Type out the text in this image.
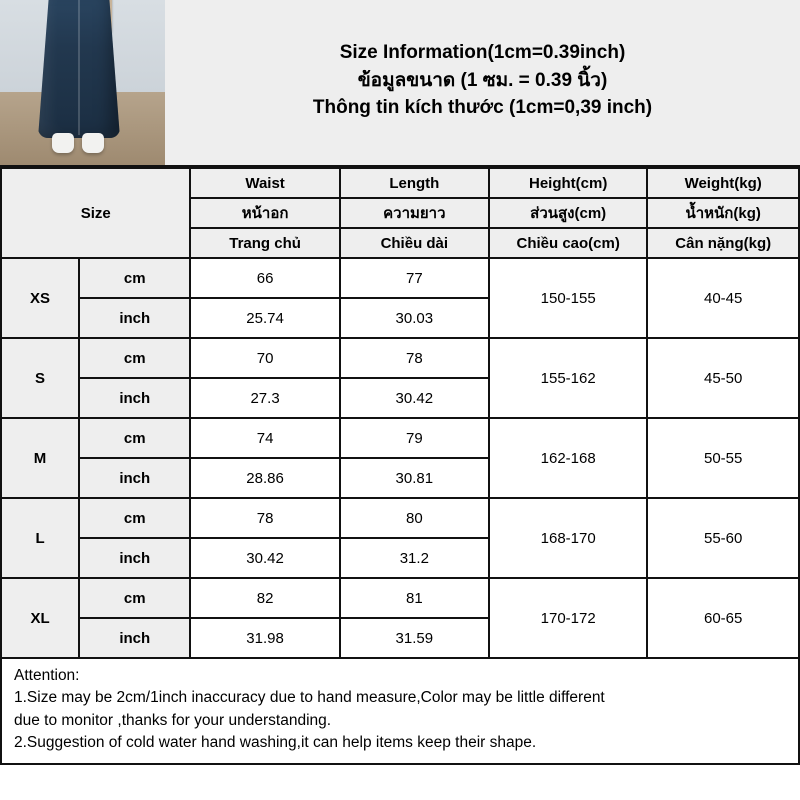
Size Information(1cm=0.39inch)
ข้อมูลขนาด (1 ซม. = 0.39 นิ้ว)
Thông tin kích thước (1cm=0,39 inch)
Size		Waist	Length	Height(cm)	Weight(kg)
		หน้าอก	ความยาว	ส่วนสูง(cm)	น้ำหนัก(kg)
		Trang chủ	Chiều dài	Chiều cao(cm)	Cân nặng(kg)
XS	cm	66	77	150-155	40-45
	inch	25.74	30.03		
S	cm	70	78	155-162	45-50
	inch	27.3	30.42		
M	cm	74	79	162-168	50-55
	inch	28.86	30.81		
L	cm	78	80	168-170	55-60
	inch	30.42	31.2		
XL	cm	82	81	170-172	60-65
	inch	31.98	31.59		

Attention:

1.Size may be 2cm/1inch inaccuracy due to hand measure,Color may be little different

due to monitor ,thanks for your understanding.

2.Suggestion of cold water hand washing,it can help items keep their shape.
